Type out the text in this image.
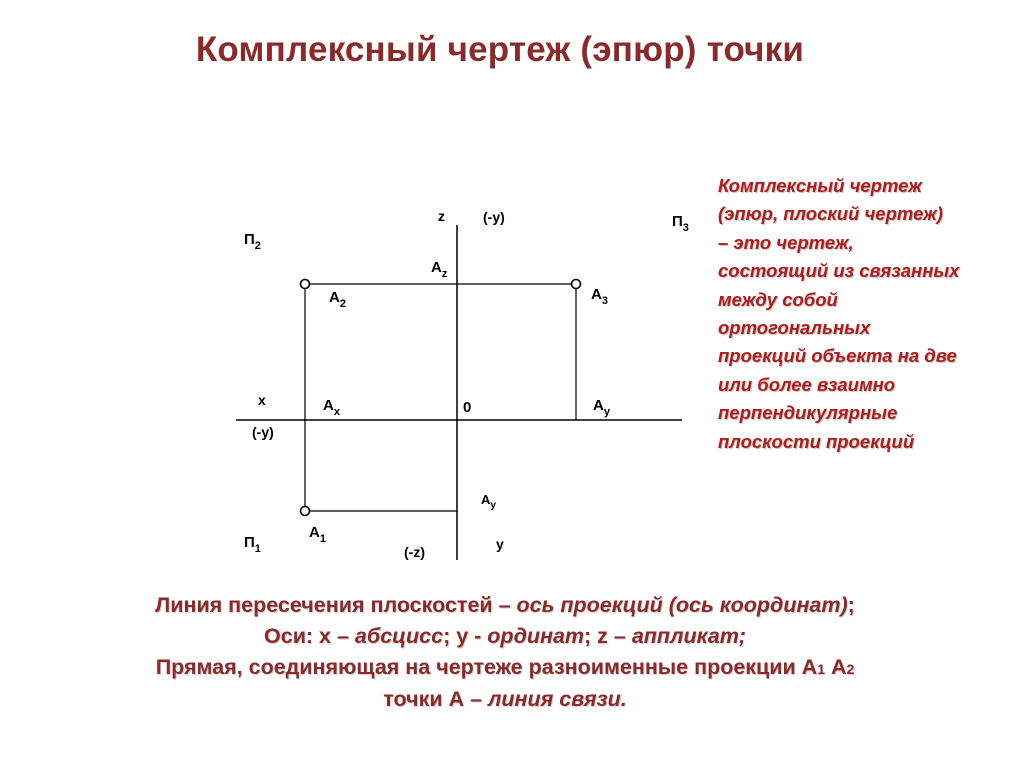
Комплексный чертеж (эпюр) точки
z	(-y)
x
(-y)
(-z)	y
0
$П_2$
$П_3$
$П_1$
$A_2$
$A_3$
$A_1$
$A_z$
$A_x$	$A_y$
$A_y$
Комплексный чертеж
(эпюр, плоский чертеж)
– это чертеж,
состоящий из связанных
между собой
ортогональных
проекций объекта на две
или более взаимно
перпендикулярные
плоскости проекций
Линия пересечения плоскостей – ось проекций (ось координат);
Оси: x – абсцисс; y - ординат; z – аппликат;
Прямая, соединяющая на чертеже разноименные проекции А1 А2
точки А – линия связи.
